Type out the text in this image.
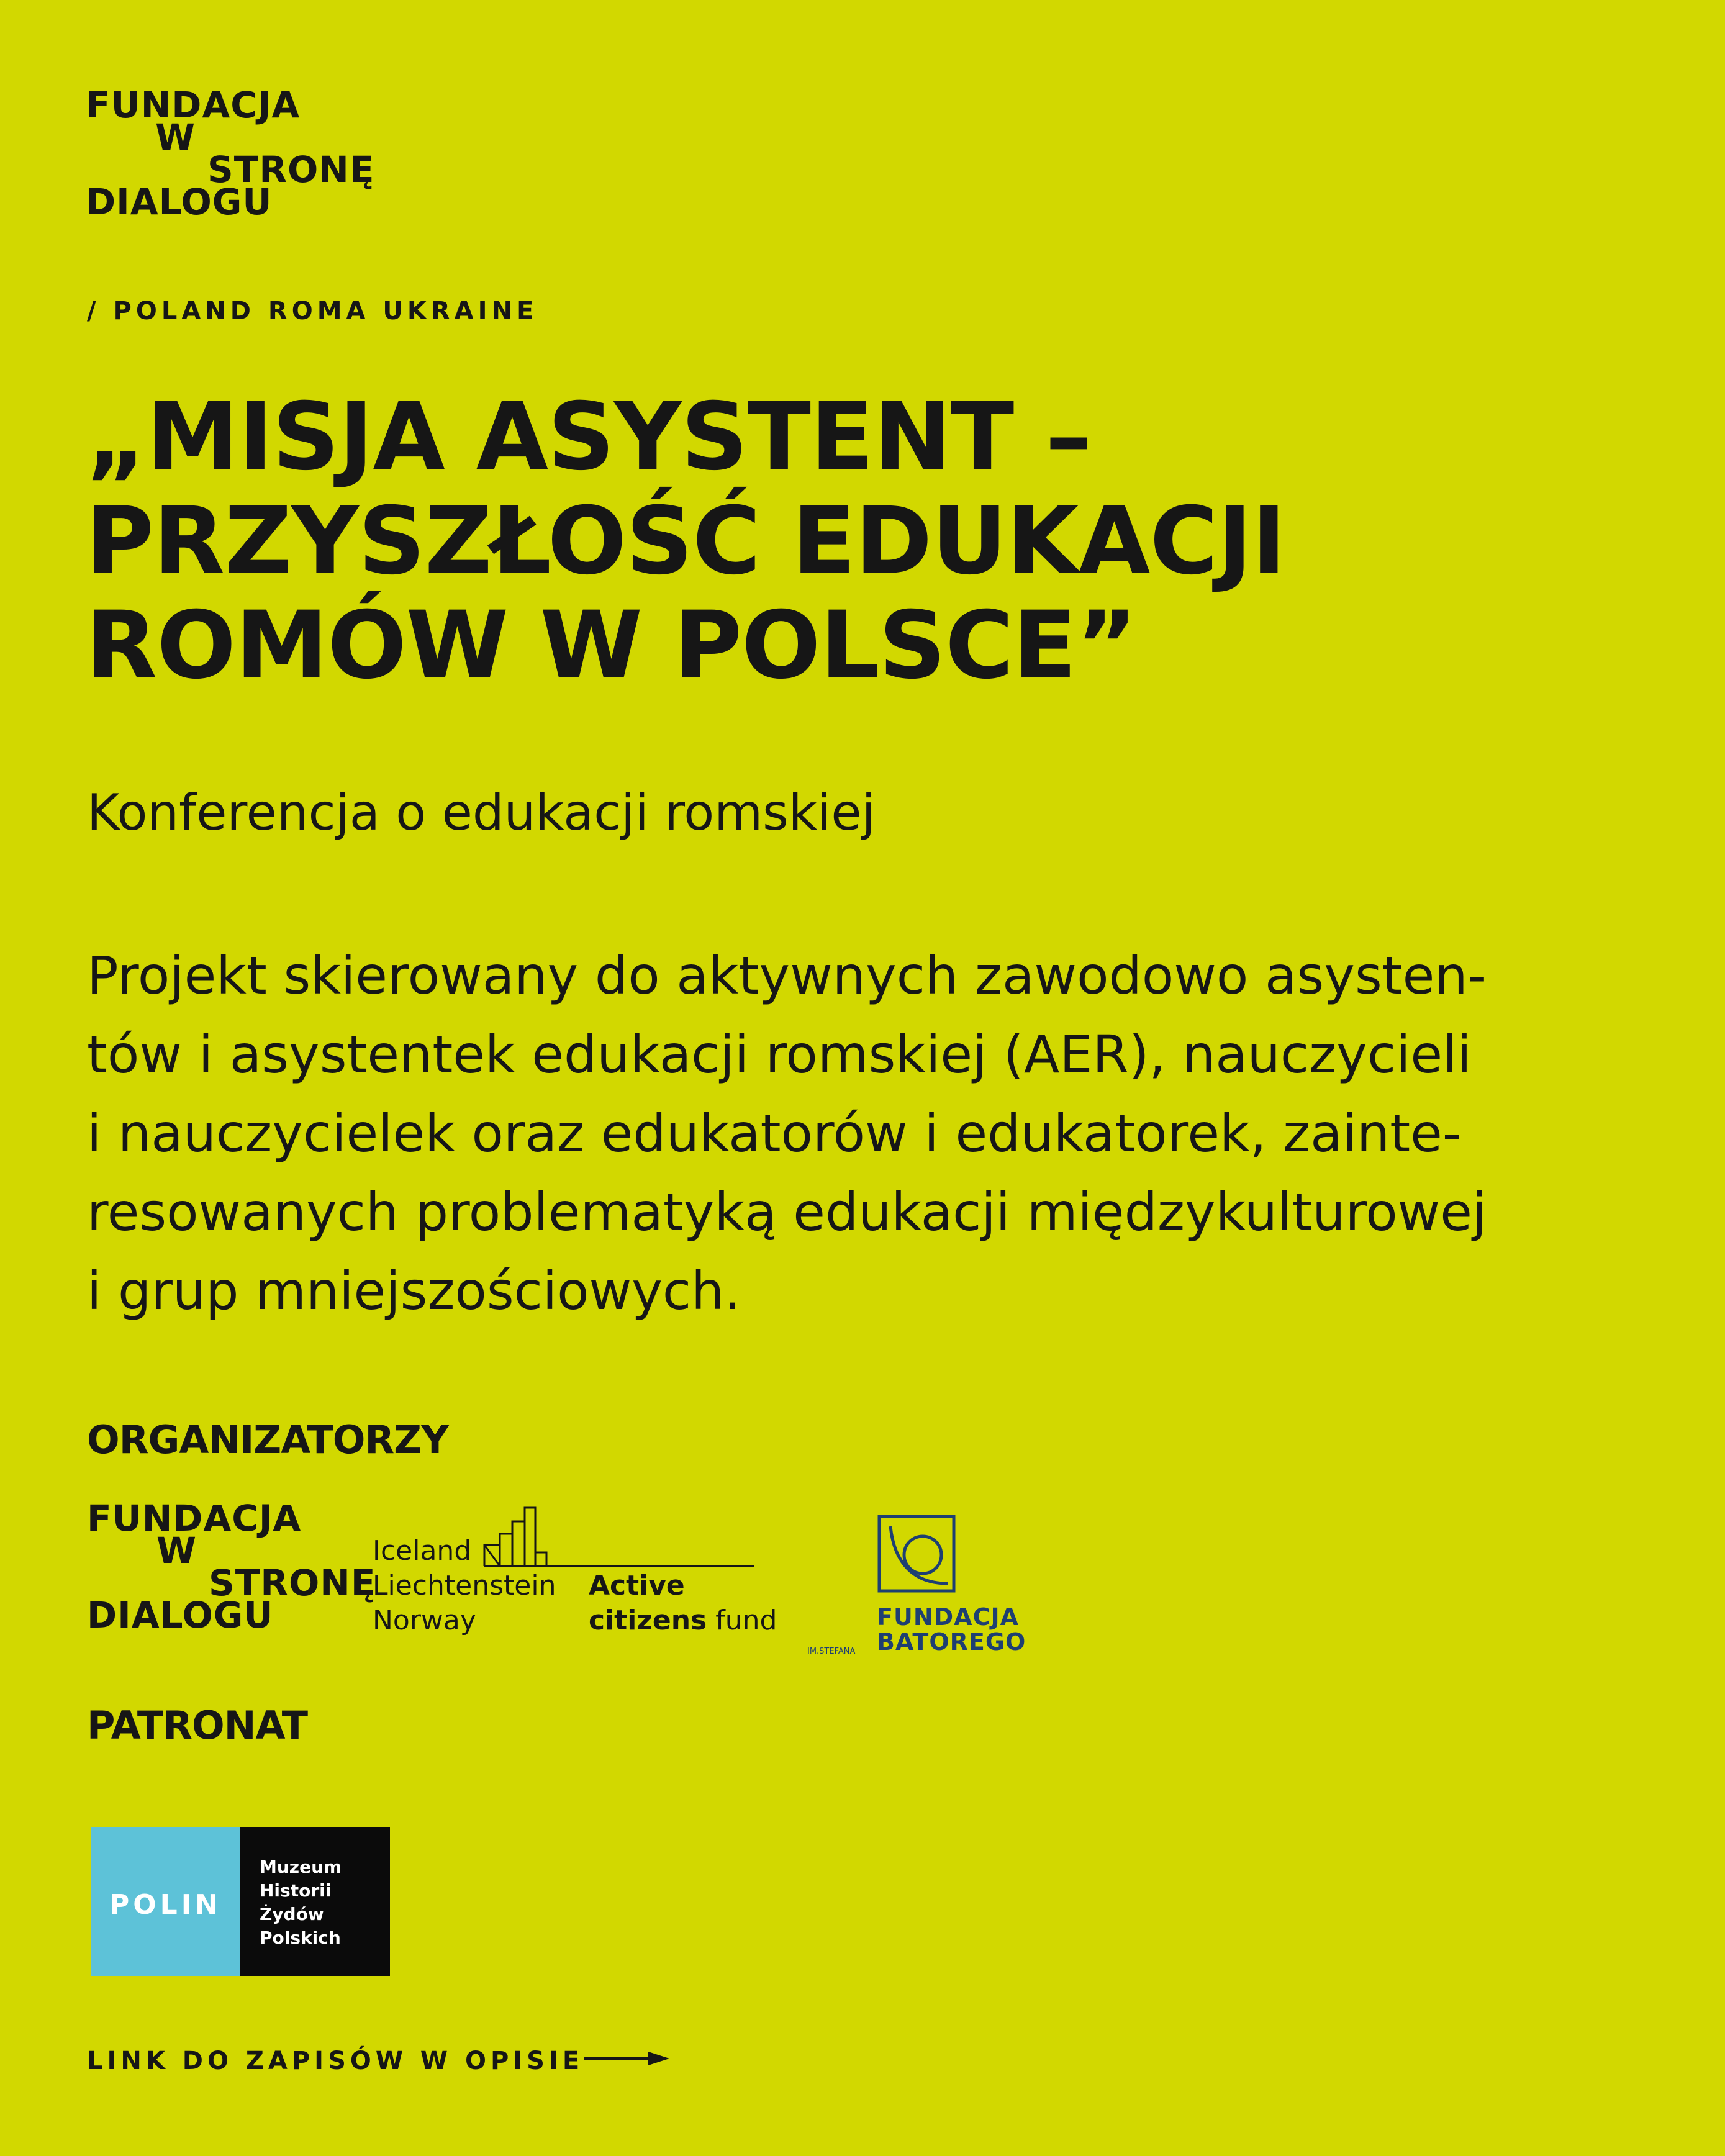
FUNDACJA
W
STRONĘ
DIALOGU
/ POLAND ROMA UKRAINE
„MISJA ASYSTENT –
PRZYSZŁOŚĆ EDUKACJI
ROMÓW W POLSCE”
Konferencja o edukacji romskiej
Projekt skierowany do aktywnych zawodowo asysten-
tów i asystentek edukacji romskiej (AER), nauczycieli
i nauczycielek oraz edukatorów i edukatorek, zainte-
resowanych problematyką edukacji międzykulturowej
i grup mniejszościowych.
ORGANIZATORZY
FUNDACJA
W
STRONĘ
DIALOGU
Iceland
Liechtenstein
Norway
Active
citizens fund	FUNDACJA
BATOREGO
IM.STEFANA
PATRONAT
POLIN
Muzeum
Historii
Żydów
Polskich
LINK DO ZAPISÓW W OPISIE
